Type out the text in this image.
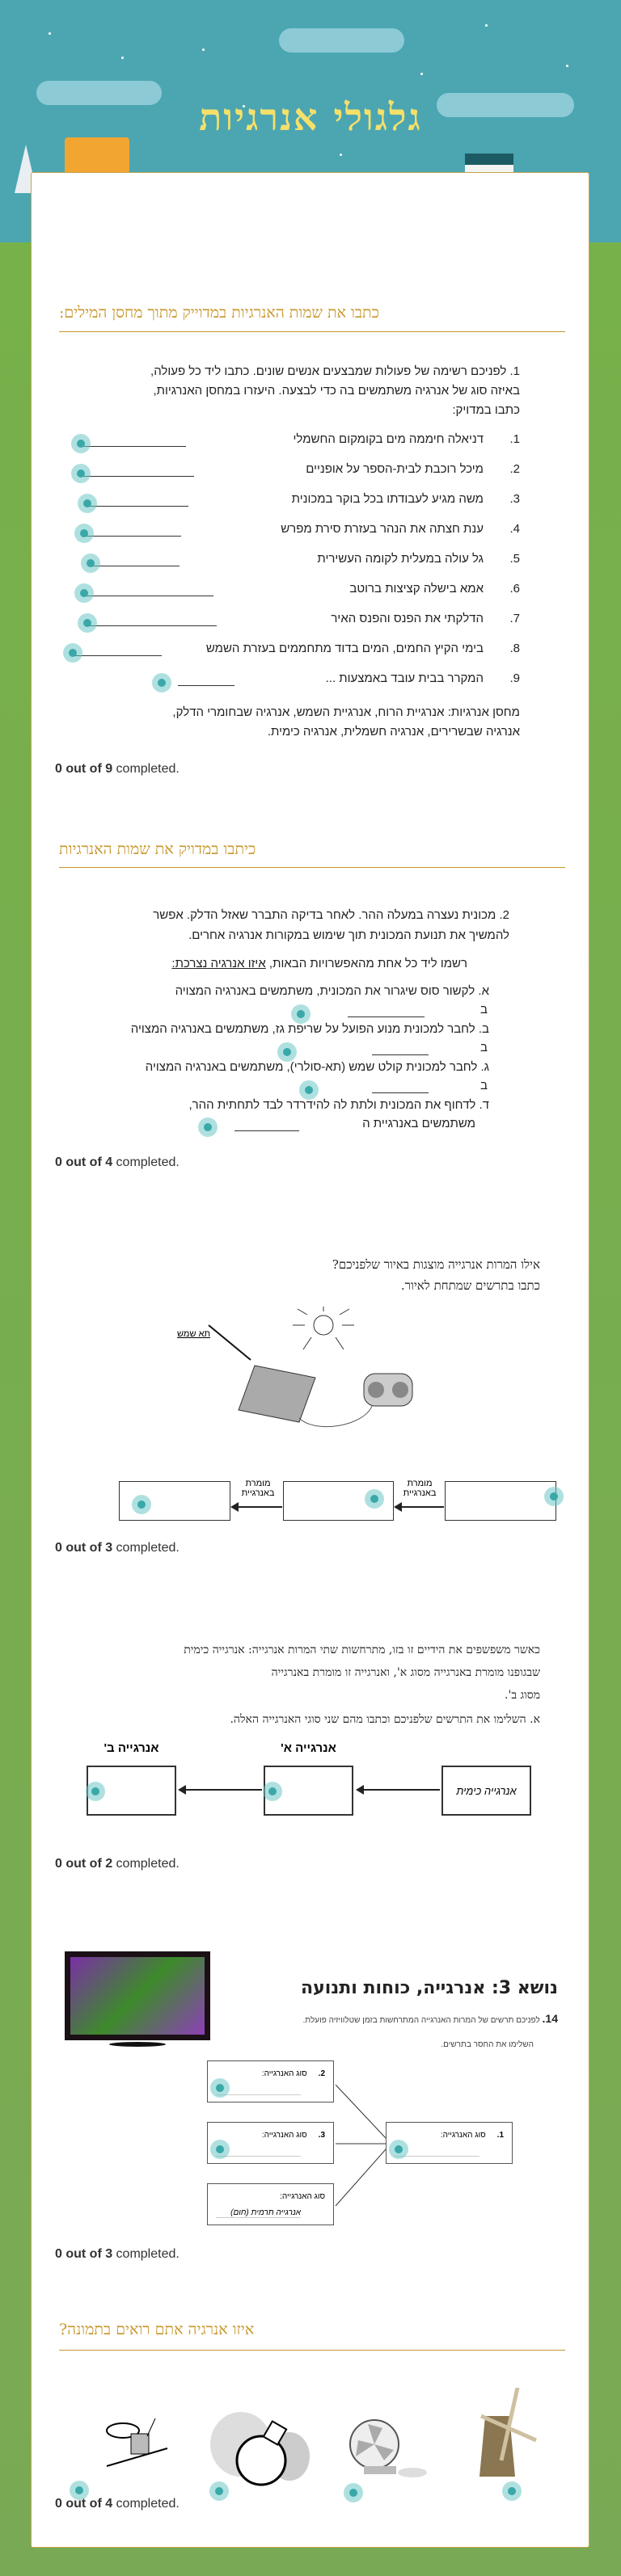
גלגולי אנרגיות
כתבו את שמות האנרגיות במדוייק מתוך מחסן המילים:
1. לפניכם רשימה של פעולות שמבצעים אנשים שונים. כתבו ליד כל פעולה,
באיזה סוג של אנרגיה משתמשים בה כדי לבצעה. היעזרו במחסן האנרגיות,
כתבו במדויק:
1.דניאלה חיממה מים בקומקום החשמלי
2.מיכל רוכבת לבית-הספר על אופניים
3.משה מגיע לעבודתו בכל בוקר במכונית
4.ענת חצתה את הנהר בעזרת סירת מפרש
5.גל עולה במעלית לקומה העשירית
6.אמא בישלה קציצות ברוטב
7.הדלקתי את הפנס והפנס האיר
8.בימי הקיץ החמים, המים בדוד מתחממים בעזרת השמש
9.המקרר בבית עובד באמצעות ...
מחסן אנרגיות: אנרגיית הרוח, אנרגיית השמש, אנרגיה שבחומרי הדלק,
אנרגיה שבשרירים, אנרגיה חשמלית, אנרגיה כימית.
0 out of 9 completed.
כיתבו במדויק את שמות האנרגיות
2. מכונית נעצרה במעלה ההר. לאחר בדיקה התברר שאזל הדלק. אפשר
להמשיך את תנועת המכונית תוך שימוש במקורות אנרגיה אחרים.
רשמו ליד כל אחת מהאפשרויות הבאות, איזו אנרגיה נצרכת:
א. לקשור סוס שיגרור את המכונית, משתמשים באנרגיה המצויה
ב
ב. לחבר למכונית מנוע הפועל על שריפת גז, משתמשים באנרגיה המצויה
ב
ג. לחבר למכונית קולט שמש (תא-סולרי), משתמשים באנרגיה המצויה
ב
ד. לדחוף את המכונית ולתת לה להידרדר לבד לתחתית ההר,
משתמשים באנרגיית ה
0 out of 4 completed.
אילו המרות אנרגייה מוצגות באיור שלפניכם?
כתבו בתרשים שמתחת לאיור.
תא שמש
מומרת באנרגיית
מומרת באנרגיית
0 out of 3 completed.
כאשר משפשפים את הידיים זו בזו, מתרחשות שתי המרות אנרגייה: אנרגייה כימית
שבגופנו מומרת באנרגייה מסוג א', ואנרגייה זו מומרת באנרגייה
מסוג ב'.
א. השלימו את התרשים שלפניכם וכתבו מהם שני סוגי האנרגייה האלה.
אנרגייה ב'	אנרגייה א'
אנרגייה כימית
0 out of 2 completed.
נושא 3: אנרגייה, כוחות ותנועה
14. לפניכם תרשים של המרות האנרגייה המתרחשות בזמן שטלוויזיה פועלת.
השלימו את החסר בתרשים.
1.סוג האנרגייה:
2.סוג האנרגייה:
3.סוג האנרגייה:
סוג האנרגייה:
אנרגייה תרמית (חום)
0 out of 3 completed.
איזו אנרגיה אתם רואים בתמונה?
0 out of 4 completed.
